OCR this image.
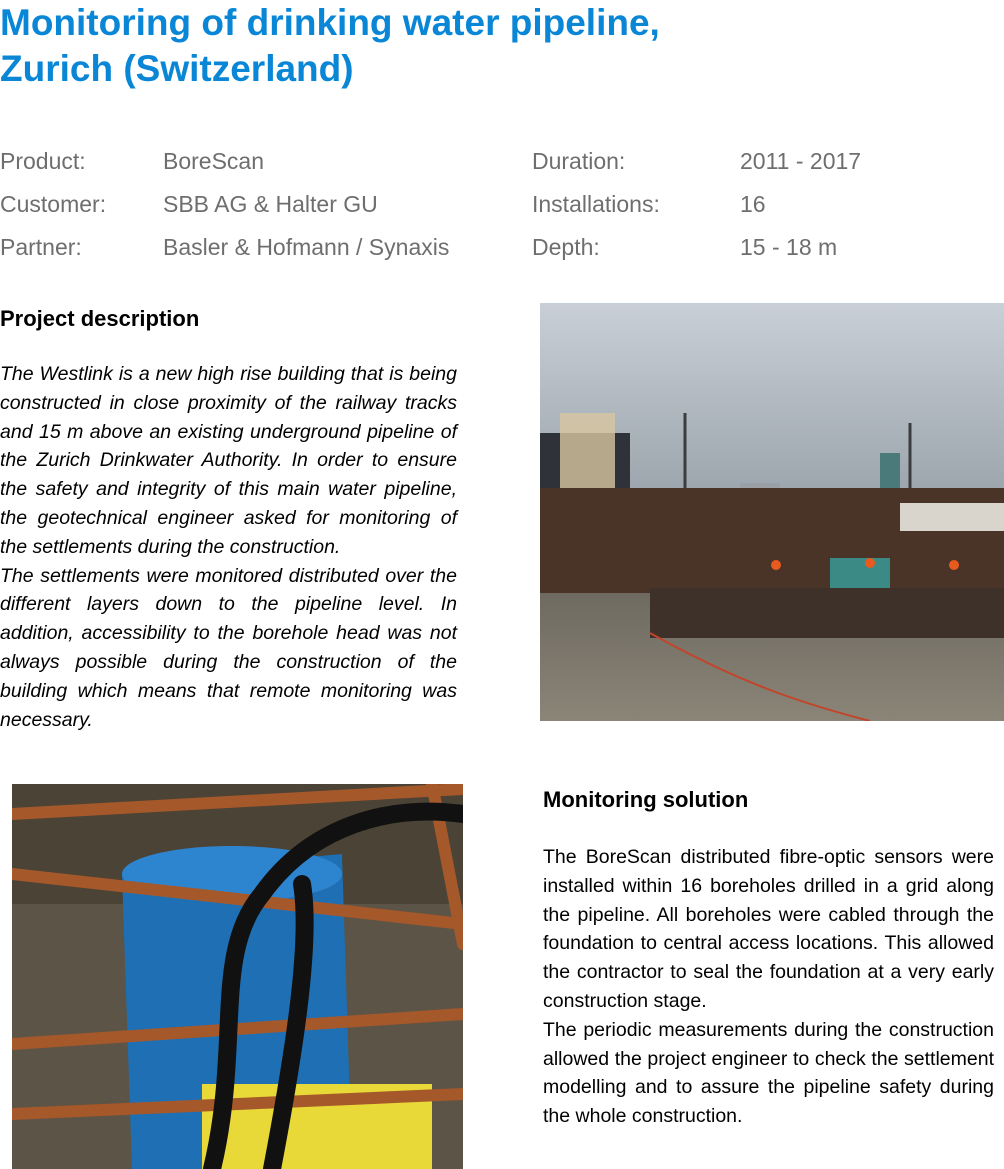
Monitoring of drinking water pipeline,
Zurich (Switzerland)
Product:	BoreScan	Duration:	2011 - 2017
Customer: SBB AG & Halter GU	Installations:	16
Partner:	Basler & Hofmann / Synaxis	Depth:	15 - 18 m
Project description

The Westlink is a new high rise building that is being constructed in close proximity of the railway tracks and 15 m above an existing underground pipeline of the Zurich Drinkwater Authority. In order to ensure the safety and integrity of this main water pipeline, the geotechnical engineer asked for monitoring of the settlements during the construction.

The settlements were monitored distributed over the different layers down to the pipeline level. In addition, accessibility to the borehole head was not always possible during the construction of the building which means that remote monitoring was necessary.

Monitoring solution

The BoreScan distributed fibre-optic sensors were installed within 16 boreholes drilled in a grid along the pipeline. All boreholes were cabled through the foundation to central access locations. This allowed the contractor to seal the foundation at a very early construction stage.

The periodic measurements during the construction allowed the project engineer to check the settlement modelling and to assure the pipeline safety during the whole construction.
